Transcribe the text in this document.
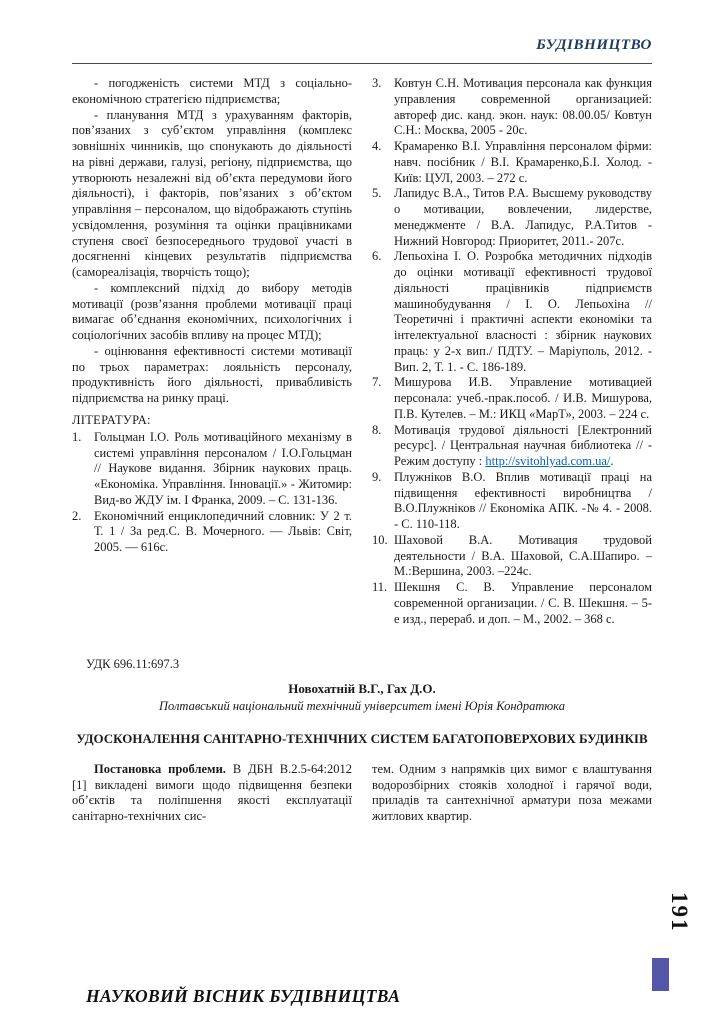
БУДІВНИЦТВО

- погодженість системи МТД з соціально-економічною стратегією підприємства;

- планування МТД з урахуванням факторів, пов’язаних з суб’єктом управління (комплекс зовнішніх чинників, що спонукають до діяльності на рівні держави, галузі, регіону, підприємства, що утворюють незалежні від об’єкта передумови його діяльності), і факторів, пов’язаних з об’єктом управління – персоналом, що відображають ступінь усвідомлення, розуміння та оцінки працівниками ступеня своєї безпосереднього трудової участі в досягненні кінцевих результатів підприємства (самореалізація, творчість тощо);

- комплексний підхід до вибору методів мотивації (розв’язання проблеми мотивації праці вимагає об’єднання економічних, психологічних і соціологічних засобів впливу на процес МТД);

- оцінювання ефективності системи мотивації по трьох параметрах: лояльність персоналу, продуктивність його діяльності, привабливість підприємства на ринку праці.

ЛІТЕРАТУРА:
1.	Гольцман І.О. Роль мотиваційного механізму в системі управління персоналом / І.О.Гольцман // Наукове видання. Збірник наукових праць. «Економіка. Управління. Інновації.» - Житомир: Вид-во ЖДУ ім. І Франка, 2009. – С. 131-136.
2.	Економічний енциклопедичний словник: У 2 т. Т. 1 / За ред.С. В. Мочерного. — Львів: Світ, 2005. — 616с.
3.	Ковтун С.Н. Мотивация персонала как функция управления современной организацией: автореф дис. канд. экон. наук: 08.00.05/ Ковтун С.Н.: Москва, 2005 - 20с.
4.	Крамаренко В.І. Управління персоналом фірми: навч. посібник / В.І. Крамаренко,Б.І. Холод. - Київ: ЦУЛ, 2003. – 272 с.
5.	Лапидус В.А., Титов Р.А. Высшему руководству о мотивации, вовлечении, лидерстве, менеджменте / В.А. Лапидус, Р.А.Титов - Нижний Новгород: Приоритет, 2011.- 207с.
6.	Лепьохіна І. О. Розробка методичних підходів до оцінки мотивації ефективності трудової діяльності працівників підприємств машинобудування / І. О. Лепьохіна // Теоретичні і практичні аспекти економіки та інтелектуальної власності : збірник наукових праць: у 2-х вип./ ПДТУ. – Маріуполь, 2012. - Вип. 2, Т. 1. - С. 186-189.
7.	Мишурова И.В. Управление мотивацией персонала: учеб.-прак.пособ. / И.В. Мишурова, П.В. Кутелев. – М.: ИКЦ «МарТ», 2003. – 224 с.
8.	Мотивація трудової діяльності [Електронний ресурс]. / Центральная научная библиотека // - Режим доступу : http://svitohlyad.com.ua/.
9.	Плужніков В.О. Вплив мотивації праці на підвищення ефективності виробництва / В.О.Плужніков // Економіка АПК. -№ 4. - 2008. - С. 110-118.
10. Шаховой В.А. Мотивация трудовой деятельности / В.А. Шаховой, С.А.Шапиро. – М.:Вершина, 2003. –224с.
11. Шекшня С. В. Управление персоналом современной организации. / С. В. Шекшня. – 5-е изд., перераб. и доп. – М., 2002. – 368 с.
УДК 696.11:697.3
Новохатній В.Г., Гах Д.О.
Полтавський національний технічний університет імені Юрія Кондратюка
УДОСКОНАЛЕННЯ САНІТАРНО-ТЕХНІЧНИХ СИСТЕМ БАГАТОПОВЕРХОВИХ БУДИНКІВ

Постановка проблеми. В ДБН В.2.5-64:2012 [1] викладені вимоги щодо підвищення безпеки об’єктів та поліпшення якості експлуатації санітарно-технічних сис-

тем. Одним з напрямків цих вимог є влаштування водорозбірних стояків холодної і гарячої води, приладів та сантехнічної арматури поза межами житлових квартир.

НАУКОВИЙ ВІСНИК БУДІВНИЦТВА
191
